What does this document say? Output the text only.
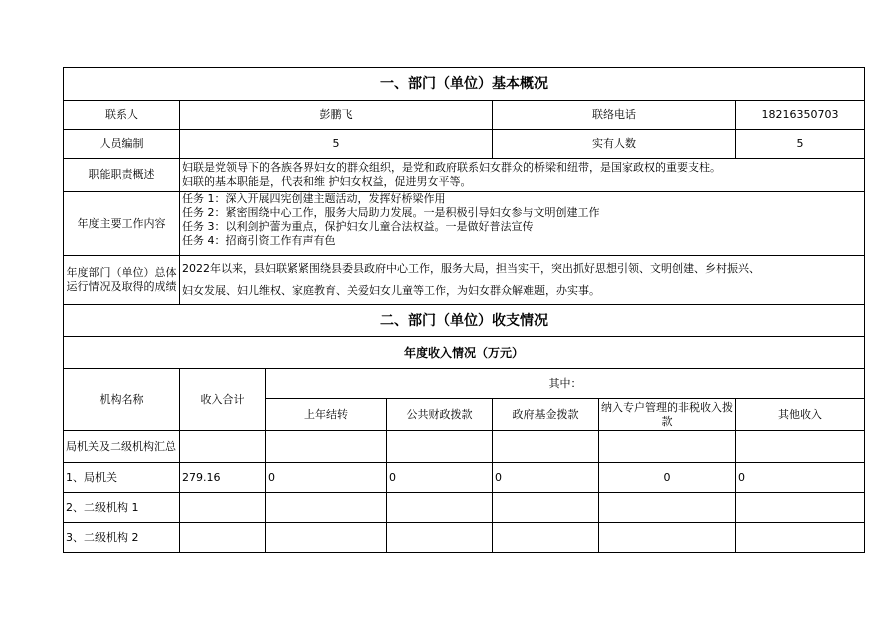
一、部门（单位）基本概况						
联系人	彭鹏飞			联络电话		18216350703
人员编制	5			实有人数		5
职能职责概述	妇联是党领导下的各族各界妇女的群众组织，是党和政府联系妇女群众的桥梁和纽带，是国家政权的重要支柱。
妇联的基本职能是，代表和维 护妇女权益，促进男女平等。					

年度主要工作内容	任务 1：深入开展四宪创建主题活动，发挥好桥梁作用
任务 2：紧密围绕中心工作，服务大局助力发展。一是积极引导妇女参与文明创建工作
任务 3：以利剑护蕾为重点，保护妇女儿童合法权益。一是做好普法宣传
任务 4：招商引资工作有声有色					

年度部门（单位）总体运行情况及取得的成绩	2022年以来，县妇联紧紧围绕县委县政府中心工作，服务大局，担当实干，突出抓好思想引领、文明创建、乡村振兴、
妇女发展、妇儿维权、家庭教育、关爱妇女儿童等工作，为妇女群众解难题，办实事。					

二、部门（单位）收支情况						
年度收入情况（万元）						
机构名称	收入合计	其中：				
		上年结转	公共财政拨款	政府基金拨款	纳入专户管理的非税收入拨款	其他收入
局机关及二级机构汇总						
1、局机关	279.16	0	0	0	0	0
2、二级机构 1						
3、二级机构 2						
